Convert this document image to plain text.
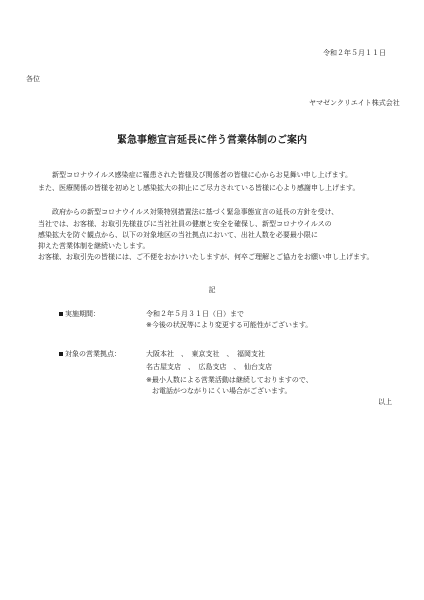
令和２年５月１１日
各位
ヤマゼンクリエイト株式会社
緊急事態宣言延長に伴う営業体制のご案内
新型コロナウイルス感染症に罹患された皆様及び関係者の皆様に心からお見舞い申し上げます。
また、医療関係の皆様を初めとし感染拡大の抑止にご尽力されている皆様に心より感謝申し上げます。
政府からの新型コロナウイルス対策特別措置法に基づく緊急事態宣言の延長の方針を受け、
当社では、お客様、お取引先様並びに当社社員の健康と安全を確保し、新型コロナウイルスの
感染拡大を防ぐ観点から、以下の対象地区の当社拠点において、出社人数を必要最小限に
抑えた営業体制を継続いたします。
お客様、お取引先の皆様には、ご不便をおかけいたしますが、何卒ご理解とご協力をお願い申し上げます。
記
実施期間：	令和２年５月３１日（日）まで
※今後の状況等により変更する可能性がございます。
対象の営業拠点：	大阪本社　、　東京支社　、　福岡支社
名古屋支店　、　広島支店　、　仙台支店
※最小人数による営業活動は継続しておりますので、
お電話がつながりにくい場合がございます。
以上
